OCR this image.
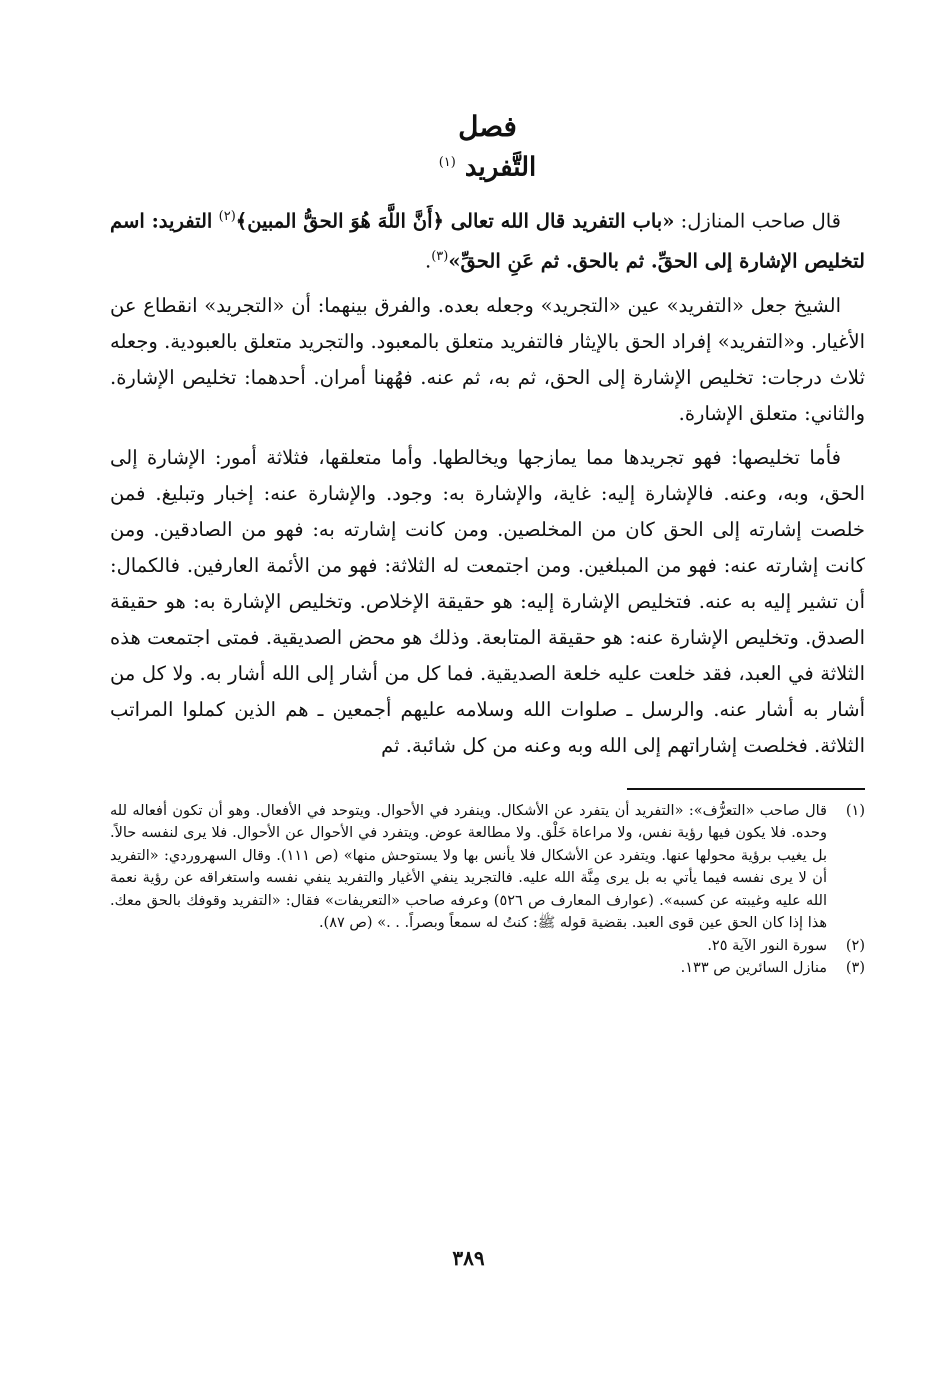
فصل
التَّفريد $^{(١)}$

قال صاحب المنازل: «باب التفريد قال الله تعالى ﴿أَنَّ اللَّهَ هُوَ الحقُّ المبين﴾$^{(٢)}$ التفريد: اسم لتخليص الإشارة إلى الحقِّ. ثم بالحق. ثم عَنِ الحقِّ»$^{(٣)}$.

الشيخ جعل «التفريد» عين «التجريد» وجعله بعده. والفرق بينهما: أن «التجريد» انقطاع عن الأغيار. و«التفريد» إفراد الحق بالإيثار فالتفريد متعلق بالمعبود. والتجريد متعلق بالعبودية. وجعله ثلاث درجات: تخليص الإشارة إلى الحق، ثم به، ثم عنه. فهُهنا أمران. أحدهما: تخليص الإشارة. والثاني: متعلق الإشارة.

فأما تخليصها: فهو تجريدها مما يمازجها ويخالطها. وأما متعلقها، فثلاثة أمور: الإشارة إلى الحق، وبه، وعنه. فالإشارة إليه: غاية، والإشارة به: وجود. والإشارة عنه: إخبار وتبليغ. فمن خلصت إشارته إلى الحق كان من المخلصين. ومن كانت إشارته به: فهو من الصادقين. ومن كانت إشارته عنه: فهو من المبلغين. ومن اجتمعت له الثلاثة: فهو من الأئمة العارفين. فالكمال: أن تشير إليه به عنه. فتخليص الإشارة إليه: هو حقيقة الإخلاص. وتخليص الإشارة به: هو حقيقة الصدق. وتخليص الإشارة عنه: هو حقيقة المتابعة. وذلك هو محض الصديقية. فمتى اجتمعت هذه الثلاثة في العبد، فقد خلعت عليه خلعة الصديقية. فما كل من أشار إلى الله أشار به. ولا كل من أشار به أشار عنه. والرسل ـ صلوات الله وسلامه عليهم أجمعين ـ هم الذين كملوا المراتب الثلاثة. فخلصت إشاراتهم إلى الله وبه وعنه من كل شائبة. ثم

(١)
قال صاحب «التعرُّف»: «التفريد أن يتفرد عن الأشكال. وينفرد في الأحوال. ويتوحد في الأفعال. وهو أن تكون أفعاله لله وحده. فلا يكون فيها رؤية نفس، ولا مراعاة خَلْق. ولا مطالعة عوض. ويتفرد في الأحوال عن الأحوال. فلا يرى لنفسه حالاً. بل يغيب برؤية محولها عنها. ويتفرد عن الأشكال فلا يأنس بها ولا يستوحش منها» (ص ١١١). وقال السهروردي: «التفريد أن لا يرى نفسه فيما يأتي به بل يرى مِنَّة الله عليه. فالتجريد ينفي الأغيار والتفريد ينفي نفسه واستغراقه عن رؤية نعمة الله عليه وغيبته عن كسبه». (عوارف المعارف ص ٥٢٦) وعرفه صاحب «التعريفات» فقال: «التفريد وقوفك بالحق معك. هذا إذا كان الحق عين قوى العبد. بقضية قوله ﷺ: كنتُ له سمعاً وبصراً. . .» (ص ٨٧).
(٢)
سورة النور الآية ٢٥.
(٣)
منازل السائرين ص ١٣٣.
٣٨٩
